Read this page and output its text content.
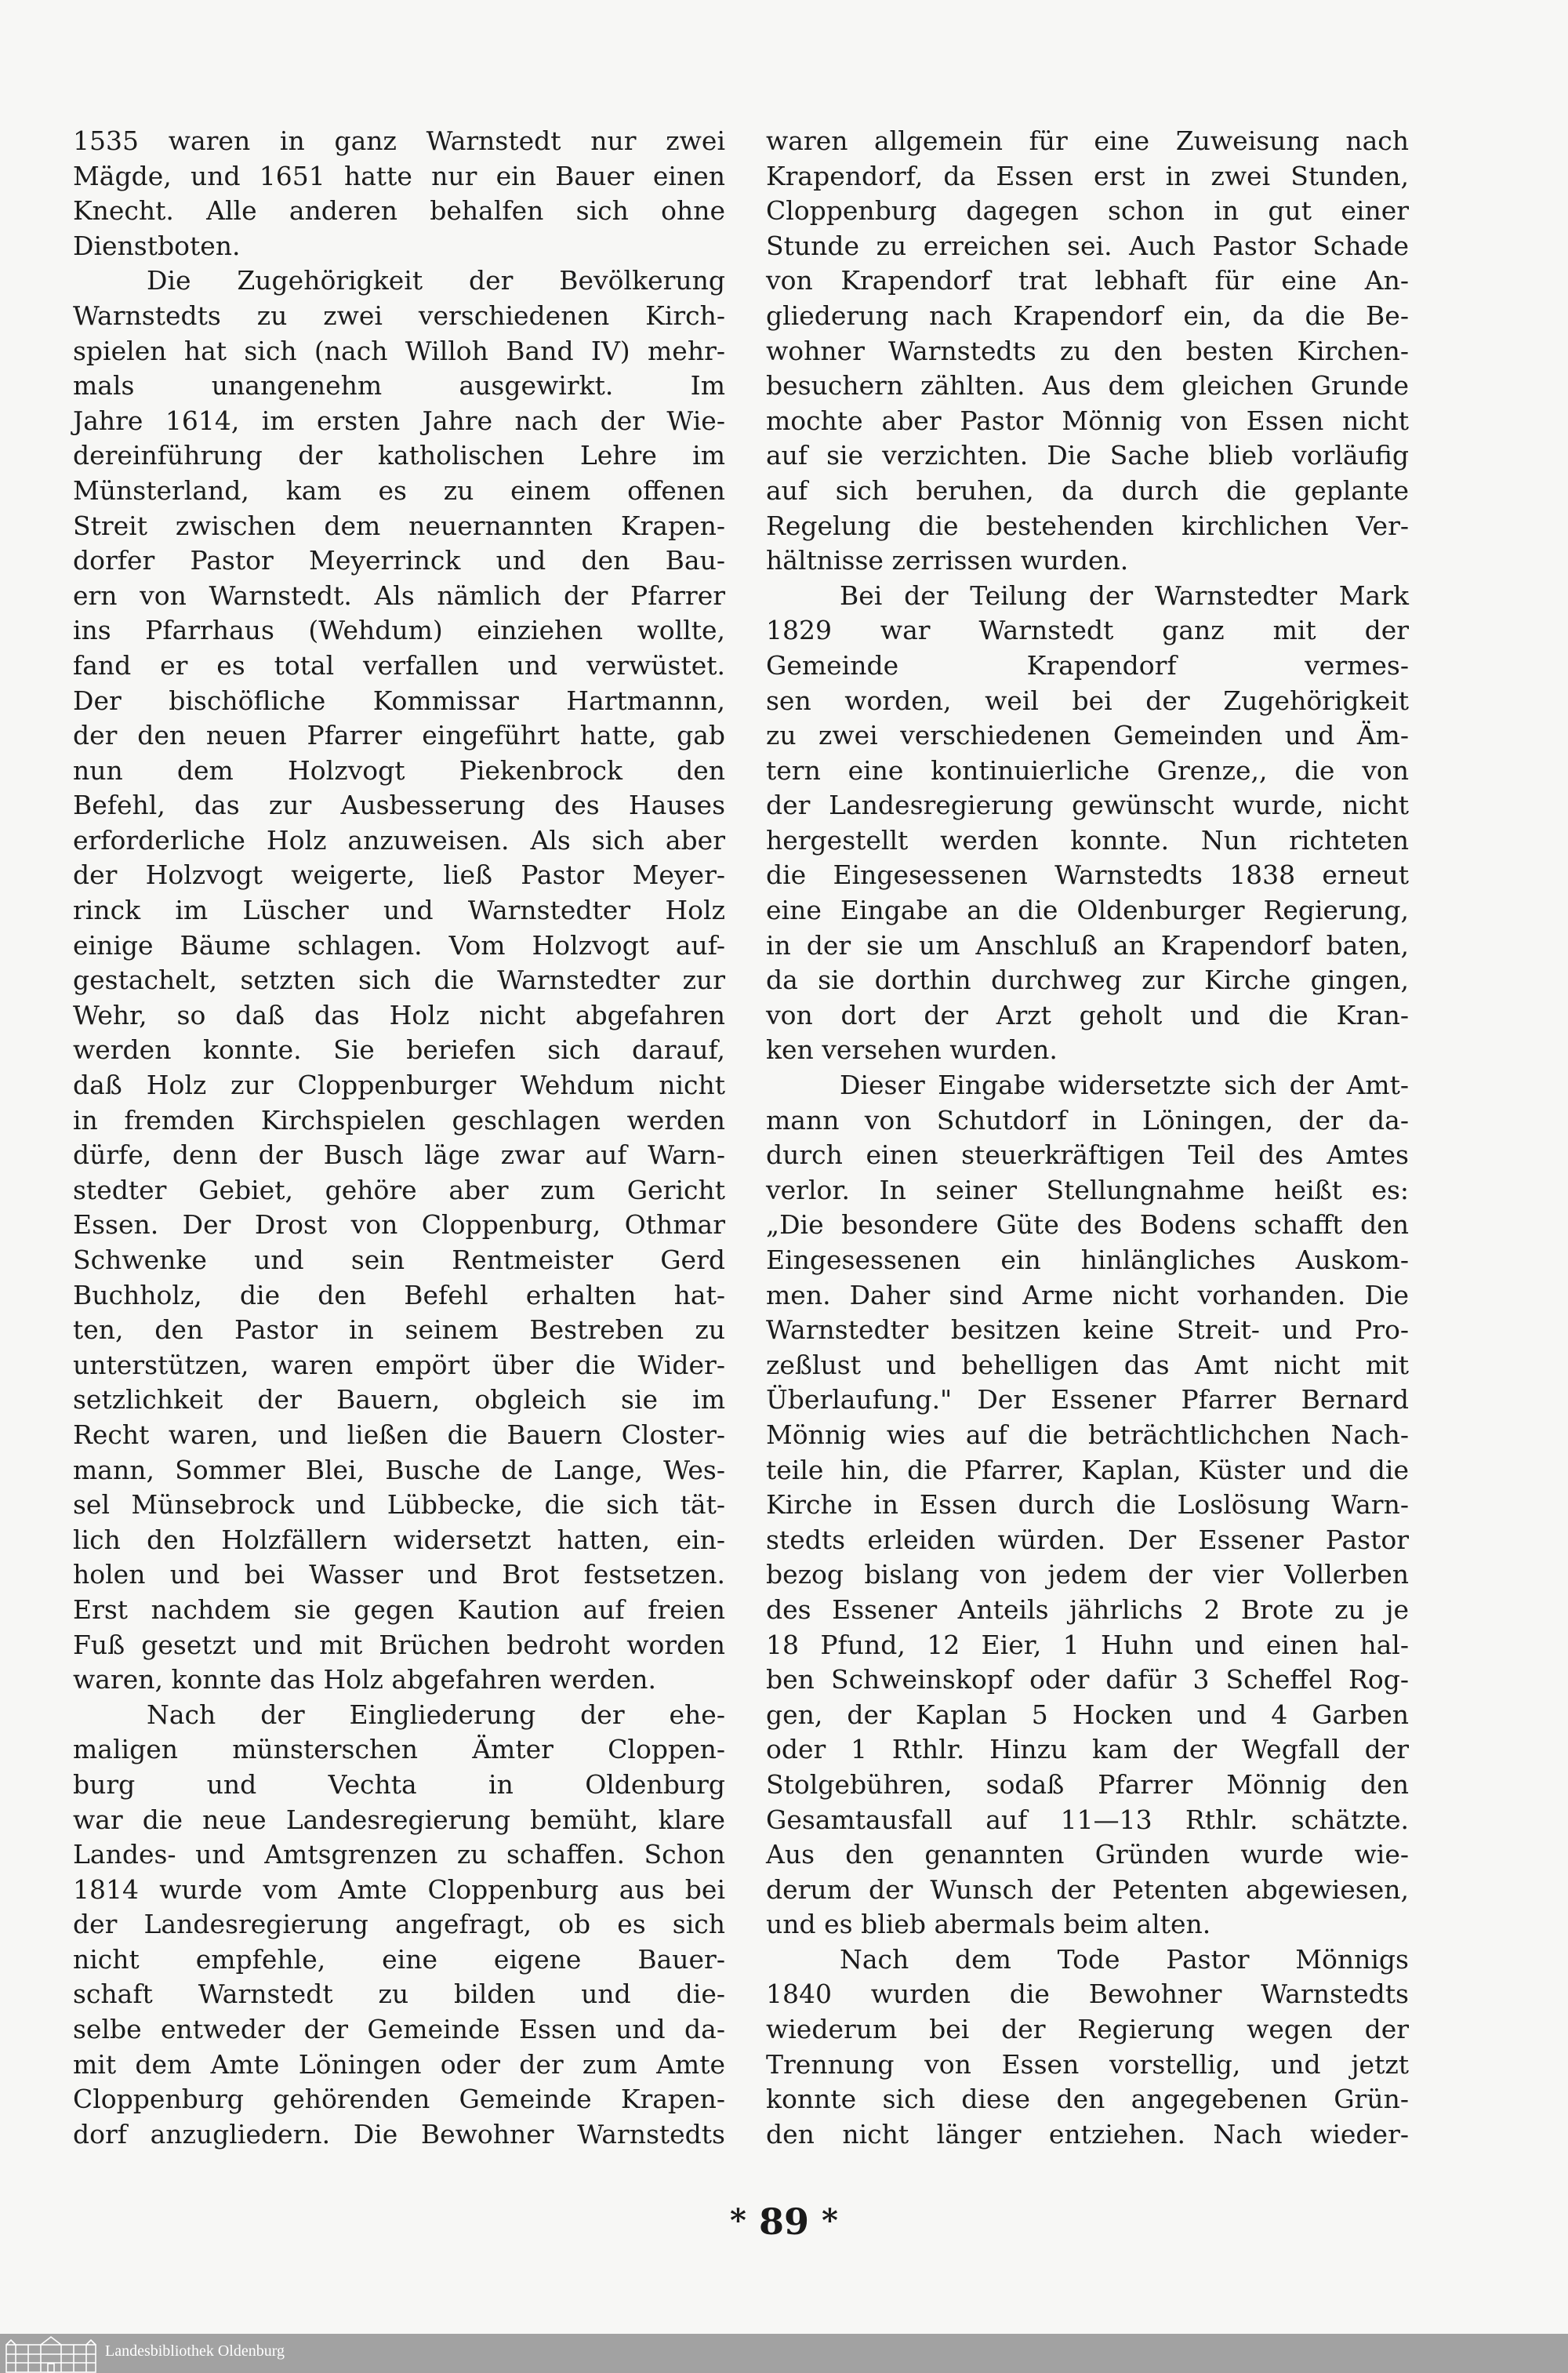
1535 waren in ganz Warnstedt nur zwei
Mägde, und 1651 hatte nur ein Bauer einen
Knecht. Alle anderen behalfen sich ohne
Dienstboten.
Die Zugehörigkeit der Bevölkerung
Warnstedts zu zwei verschiedenen Kirch-
spielen hat sich (nach Willoh Band IV) mehr-
mals unangenehm ausgewirkt. Im
Jahre 1614, im ersten Jahre nach der Wie-
dereinführung der katholischen Lehre im
Münsterland, kam es zu einem offenen
Streit zwischen dem neuernannten Krapen-
dorfer Pastor Meyerrinck und den Bau-
ern von Warnstedt. Als nämlich der Pfarrer
ins Pfarrhaus (Wehdum) einziehen wollte,
fand er es total verfallen und verwüstet.
Der bischöfliche Kommissar Hartmannn,
der den neuen Pfarrer eingeführt hatte, gab
nun dem Holzvogt Piekenbrock den
Befehl, das zur Ausbesserung des Hauses
erforderliche Holz anzuweisen. Als sich aber
der Holzvogt weigerte, ließ Pastor Meyer-
rinck im Lüscher und Warnstedter Holz
einige Bäume schlagen. Vom Holzvogt auf-
gestachelt, setzten sich die Warnstedter zur
Wehr, so daß das Holz nicht abgefahren
werden konnte. Sie beriefen sich darauf,
daß Holz zur Cloppenburger Wehdum nicht
in fremden Kirchspielen geschlagen werden
dürfe, denn der Busch läge zwar auf Warn-
stedter Gebiet, gehöre aber zum Gericht
Essen. Der Drost von Cloppenburg, Othmar
Schwenke und sein Rentmeister Gerd
Buchholz, die den Befehl erhalten hat-
ten, den Pastor in seinem Bestreben zu
unterstützen, waren empört über die Wider-
setzlichkeit der Bauern, obgleich sie im
Recht waren, und ließen die Bauern Closter-
mann, Sommer Blei, Busche de Lange, Wes-
sel Münsebrock und Lübbecke, die sich tät-
lich den Holzfällern widersetzt hatten, ein-
holen und bei Wasser und Brot festsetzen.
Erst nachdem sie gegen Kaution auf freien
Fuß gesetzt und mit Brüchen bedroht worden
waren, konnte das Holz abgefahren werden.
Nach der Eingliederung der ehe-
maligen münsterschen Ämter Cloppen-
burg und Vechta in Oldenburg
war die neue Landesregierung bemüht, klare
Landes- und Amtsgrenzen zu schaffen. Schon
1814 wurde vom Amte Cloppenburg aus bei
der Landesregierung angefragt, ob es sich
nicht empfehle, eine eigene Bauer-
schaft Warnstedt zu bilden und die-
selbe entweder der Gemeinde Essen und da-
mit dem Amte Löningen oder der zum Amte
Cloppenburg gehörenden Gemeinde Krapen-
dorf anzugliedern. Die Bewohner Warnstedts
waren allgemein für eine Zuweisung nach
Krapendorf, da Essen erst in zwei Stunden,
Cloppenburg dagegen schon in gut einer
Stunde zu erreichen sei. Auch Pastor Schade
von Krapendorf trat lebhaft für eine An-
gliederung nach Krapendorf ein, da die Be-
wohner Warnstedts zu den besten Kirchen-
besuchern zählten. Aus dem gleichen Grunde
mochte aber Pastor Mönnig von Essen nicht
auf sie verzichten. Die Sache blieb vorläufig
auf sich beruhen, da durch die geplante
Regelung die bestehenden kirchlichen Ver-
hältnisse zerrissen wurden.
Bei der Teilung der Warnstedter Mark
1829 war Warnstedt ganz mit der
Gemeinde Krapendorf vermes-
sen worden, weil bei der Zugehörigkeit
zu zwei verschiedenen Gemeinden und Äm-
tern eine kontinuierliche Grenze,, die von
der Landesregierung gewünscht wurde, nicht
hergestellt werden konnte. Nun richteten
die Eingesessenen Warnstedts 1838 erneut
eine Eingabe an die Oldenburger Regierung,
in der sie um Anschluß an Krapendorf baten,
da sie dorthin durchweg zur Kirche gingen,
von dort der Arzt geholt und die Kran-
ken versehen wurden.
Dieser Eingabe widersetzte sich der Amt-
mann von Schutdorf in Löningen, der da-
durch einen steuerkräftigen Teil des Amtes
verlor. In seiner Stellungnahme heißt es:
„Die besondere Güte des Bodens schafft den
Eingesessenen ein hinlängliches Auskom-
men. Daher sind Arme nicht vorhanden. Die
Warnstedter besitzen keine Streit- und Pro-
zeßlust und behelligen das Amt nicht mit
Überlaufung." Der Essener Pfarrer Bernard
Mönnig wies auf die beträchtlichchen Nach-
teile hin, die Pfarrer, Kaplan, Küster und die
Kirche in Essen durch die Loslösung Warn-
stedts erleiden würden. Der Essener Pastor
bezog bislang von jedem der vier Vollerben
des Essener Anteils jährlichs 2 Brote zu je
18 Pfund, 12 Eier, 1 Huhn und einen hal-
ben Schweinskopf oder dafür 3 Scheffel Rog-
gen, der Kaplan 5 Hocken und 4 Garben
oder 1 Rthlr. Hinzu kam der Wegfall der
Stolgebühren, sodaß Pfarrer Mönnig den
Gesamtausfall auf 11—13 Rthlr. schätzte.
Aus den genannten Gründen wurde wie-
derum der Wunsch der Petenten abgewiesen,
und es blieb abermals beim alten.
Nach dem Tode Pastor Mönnigs
1840 wurden die Bewohner Warnstedts
wiederum bei der Regierung wegen der
Trennung von Essen vorstellig, und jetzt
konnte sich diese den angegebenen Grün-
den nicht länger entziehen. Nach wieder-
* 89 *
Landesbibliothek Oldenburg
